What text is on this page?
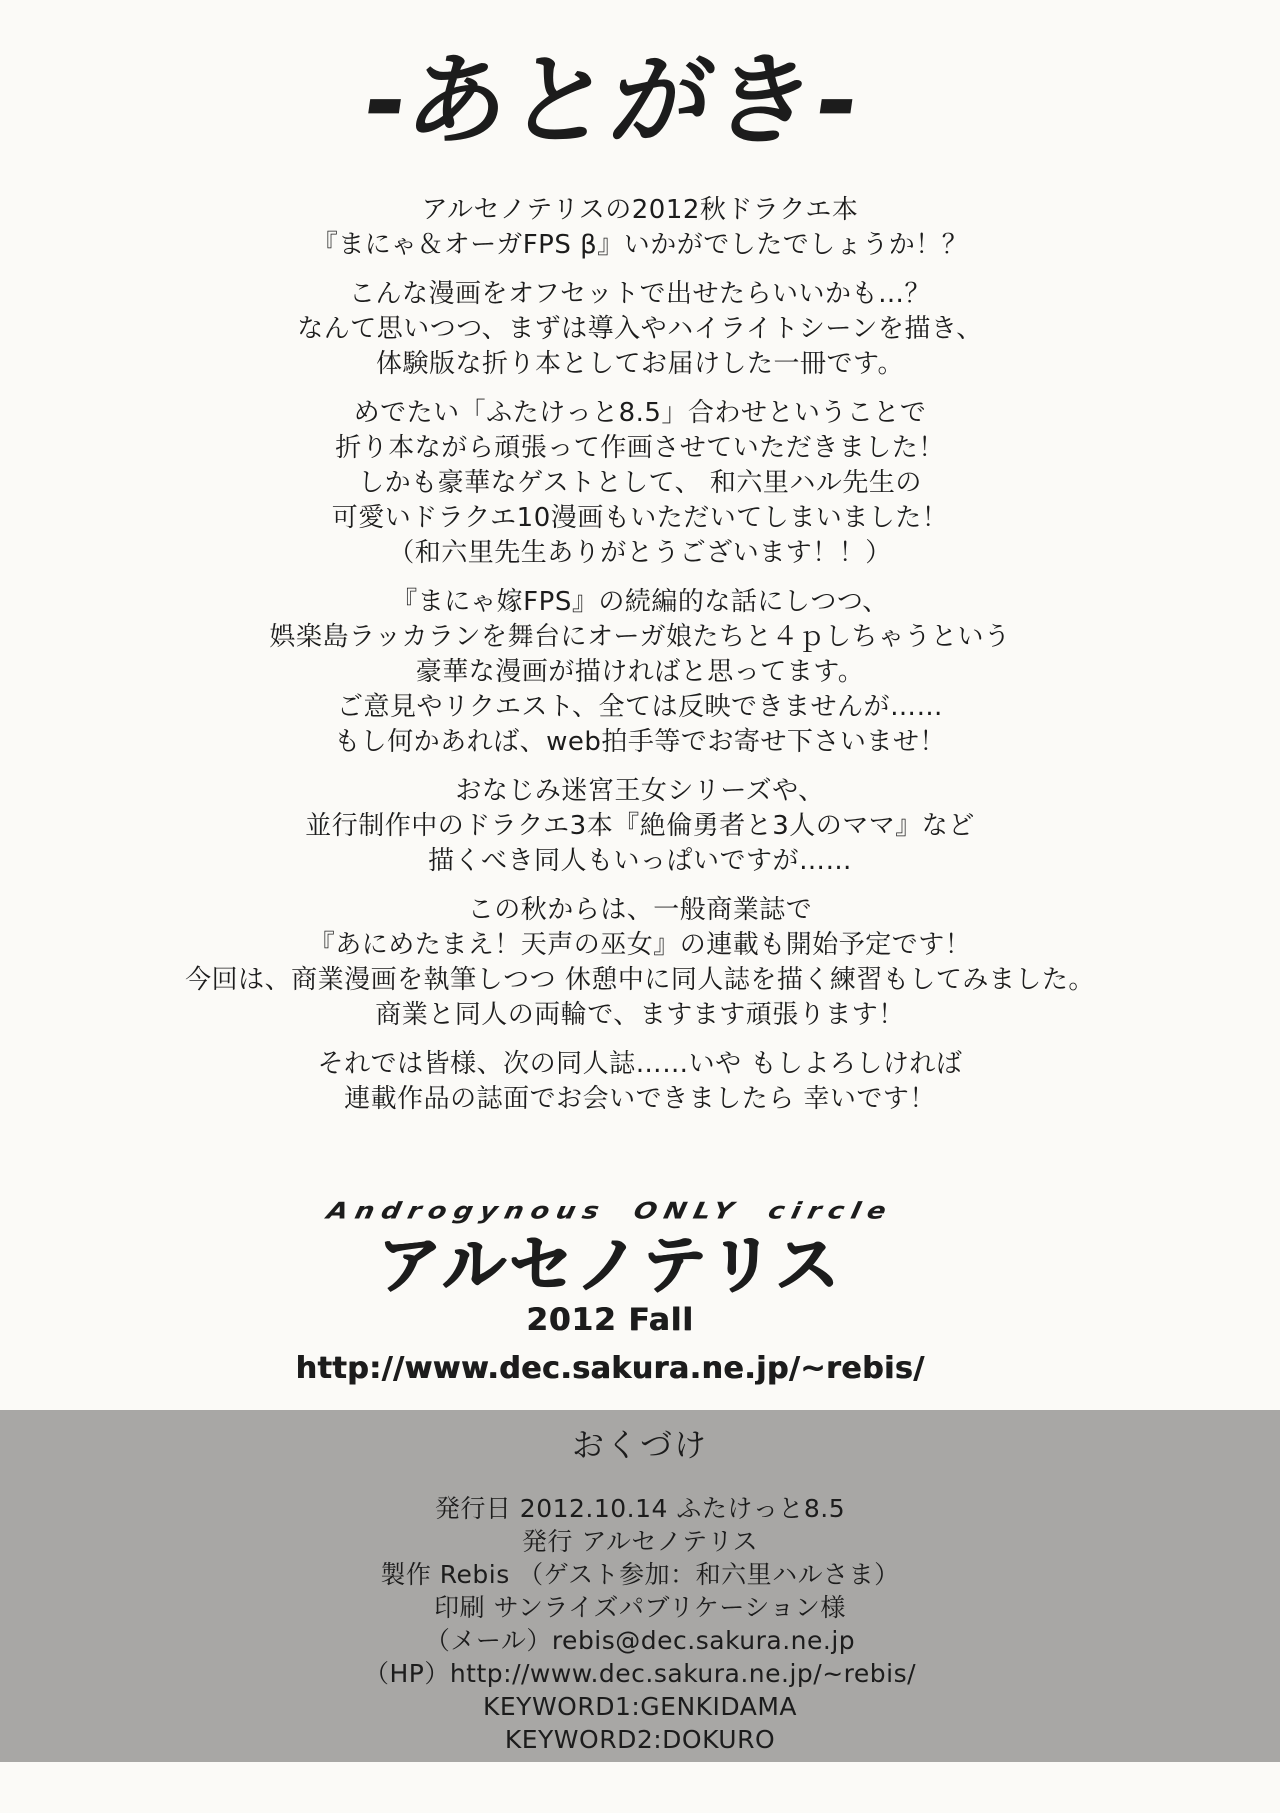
-あとがき-

アルセノテリスの2012秋ドラクエ本
『まにゃ＆オーガFPS β』いかがでしたでしょうか！？

こんな漫画をオフセットで出せたらいいかも…？
なんて思いつつ、まずは導入やハイライトシーンを描き、
体験版な折り本としてお届けした一冊です。

めでたい「ふたけっと8.5」合わせということで
折り本ながら頑張って作画させていただきました！
しかも豪華なゲストとして、 和六里ハル先生の
可愛いドラクエ10漫画もいただいてしまいました！
（和六里先生ありがとうございます！！）

『まにゃ嫁FPS』の続編的な話にしつつ、
娯楽島ラッカランを舞台にオーガ娘たちと４ｐしちゃうという
豪華な漫画が描ければと思ってます。
ご意見やリクエスト、全ては反映できませんが……
もし何かあれば、web拍手等でお寄せ下さいませ！

おなじみ迷宮王女シリーズや、
並行制作中のドラクエ3本『絶倫勇者と3人のママ』など
描くべき同人もいっぱいですが……

この秋からは、一般商業誌で
『あにめたまえ！天声の巫女』の連載も開始予定です！
今回は、商業漫画を執筆しつつ 休憩中に同人誌を描く練習もしてみました。
商業と同人の両輪で、ますます頑張ります！

それでは皆様、次の同人誌……いや もしよろしければ
連載作品の誌面でお会いできましたら 幸いです！

Androgynous ONLY circle
アルセノテリス
2012 Fall
http://www.dec.sakura.ne.jp/~rebis/
おくづけ
発行日 2012.10.14 ふたけっと8.5
発行 アルセノテリス
製作 Rebis （ゲスト参加：和六里ハルさま）
印刷 サンライズパブリケーション様
（メール）rebis@dec.sakura.ne.jp
（HP）http://www.dec.sakura.ne.jp/~rebis/
KEYWORD1:GENKIDAMA
KEYWORD2:DOKURO
